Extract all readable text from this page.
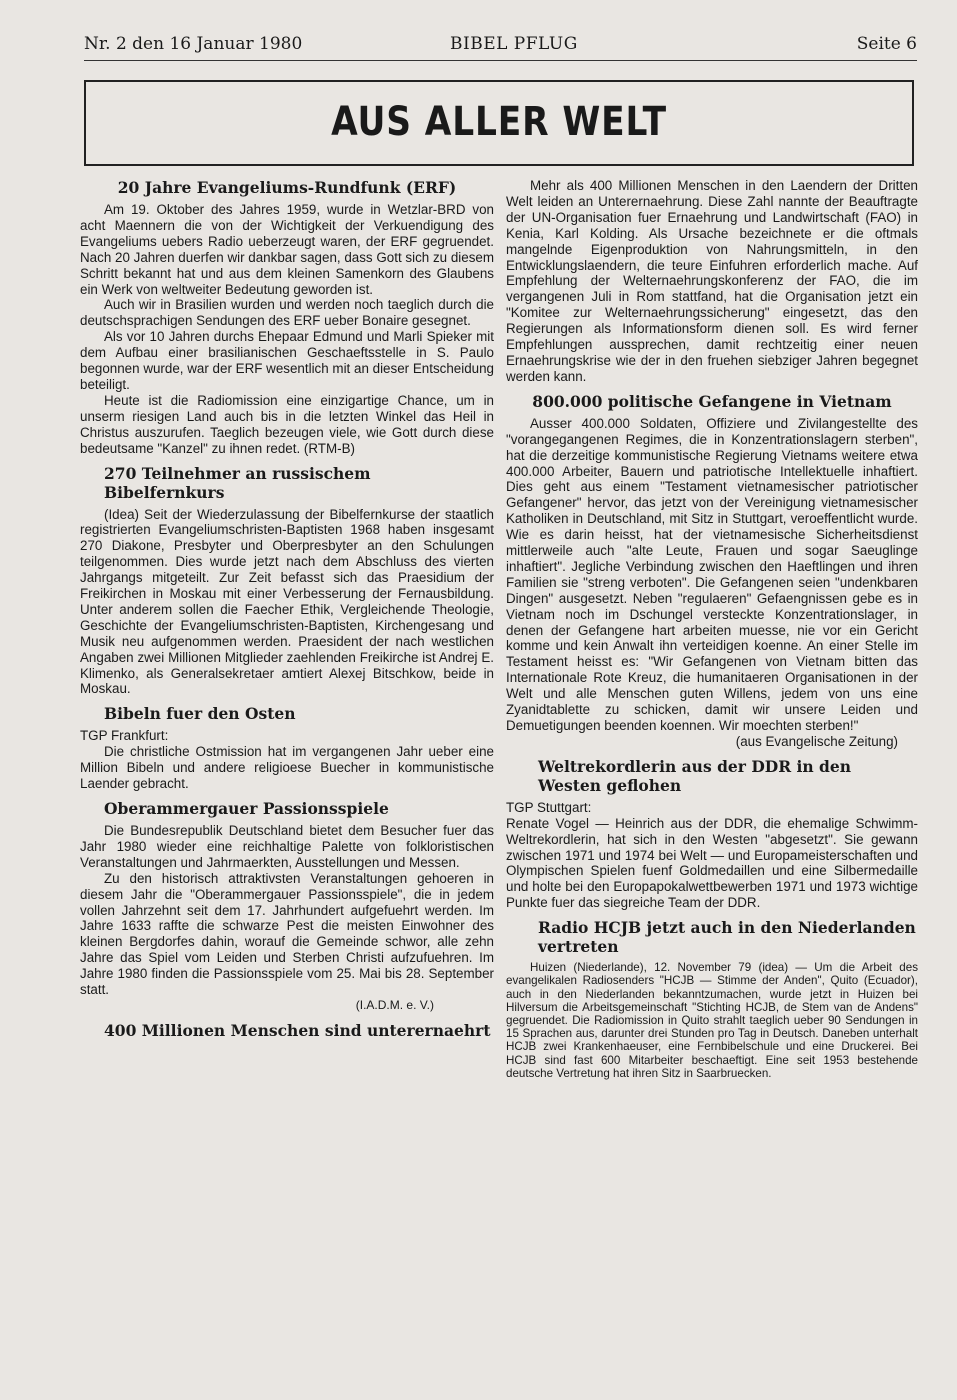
Nr. 2 den 16 Januar 1980	BIBEL PFLUG	Seite 6
AUS ALLER WELT
20 Jahre Evangeliums-Rundfunk (ERF)

Am 19. Oktober des Jahres 1959, wurde in Wetzlar-BRD von acht Maennern die von der Wichtigkeit der Verkuendigung des Evangeliums uebers Radio ueberzeugt waren, der ERF gegruendet. Nach 20 Jahren duerfen wir dankbar sagen, dass Gott sich zu diesem Schritt bekannt hat und aus dem kleinen Samenkorn des Glaubens ein Werk von weltweiter Bedeutung geworden ist.

Auch wir in Brasilien wurden und werden noch taeglich durch die deutschsprachigen Sendungen des ERF ueber Bonaire gesegnet.

Als vor 10 Jahren durchs Ehepaar Edmund und Marli Spieker mit dem Aufbau einer brasilianischen Geschaeftsstelle in S. Paulo begonnen wurde, war der ERF wesentlich mit an dieser Entscheidung beteiligt.

Heute ist die Radiomission eine einzigartige Chance, um in unserm riesigen Land auch bis in die letzten Winkel das Heil in Christus auszurufen. Taeglich bezeugen viele, wie Gott durch diese bedeutsame "Kanzel" zu ihnen redet. (RTM-B)

270 Teilnehmer an russischem Bibelfernkurs

(Idea) Seit der Wiederzulassung der Bibelfernkurse der staatlich registrierten Evangeliumschristen-Baptisten 1968 haben insgesamt 270 Diakone, Presbyter und Oberpresbyter an den Schulungen teilgenommen. Dies wurde jetzt nach dem Abschluss des vierten Jahrgangs mitgeteilt. Zur Zeit befasst sich das Praesidium der Freikirchen in Moskau mit einer Verbesserung der Fernausbildung. Unter anderem sollen die Faecher Ethik, Vergleichende Theologie, Geschichte der Evangeliumschristen-Baptisten, Kirchengesang und Musik neu aufgenommen werden. Praesident der nach westlichen Angaben zwei Millionen Mitglieder zaehlenden Freikirche ist Andrej E. Klimenko, als Generalsekretaer amtiert Alexej Bitschkow, beide in Moskau.

Bibeln fuer den Osten

TGP Frankfurt:

Die christliche Ostmission hat im vergangenen Jahr ueber eine Million Bibeln und andere religioese Buecher in kommunistische Laender gebracht.

Oberammergauer Passionsspiele

Die Bundesrepublik Deutschland bietet dem Besucher fuer das Jahr 1980 wieder eine reichhaltige Palette von folkloristischen Veranstaltungen und Jahrmaerkten, Ausstellungen und Messen.

Zu den historisch attraktivsten Veranstaltungen gehoeren in diesem Jahr die "Oberammergauer Passionsspiele", die in jedem vollen Jahrzehnt seit dem 17. Jahrhundert aufgefuehrt werden. Im Jahre 1633 raffte die schwarze Pest die meisten Einwohner des kleinen Bergdorfes dahin, worauf die Gemeinde schwor, alle zehn Jahre das Spiel vom Leiden und Sterben Christi aufzufuehren. Im Jahre 1980 finden die Passionsspiele vom 25. Mai bis 28. September statt.

(I.A.D.M. e. V.)
400 Millionen Menschen sind unterernaehrt

Mehr als 400 Millionen Menschen in den Laendern der Dritten Welt leiden an Unterernaehrung. Diese Zahl nannte der Beauftragte der UN-Organisation fuer Ernaehrung und Landwirtschaft (FAO) in Kenia, Karl Kolding. Als Ursache bezeichnete er die oftmals mangelnde Eigenproduktion von Nahrungsmitteln, in den Entwicklungslaendern, die teure Einfuhren erforderlich mache. Auf Empfehlung der Welternaehrungskonferenz der FAO, die im vergangenen Juli in Rom stattfand, hat die Organisation jetzt ein "Komitee zur Welternaehrungssicherung" eingesetzt, das den Regierungen als Informationsform dienen soll. Es wird ferner Empfehlungen aussprechen, damit rechtzeitig einer neuen Ernaehrungskrise wie der in den fruehen siebziger Jahren begegnet werden kann.

800.000 politische Gefangene in Vietnam

Ausser 400.000 Soldaten, Offiziere und Zivilangestellte des "vorangegangenen Regimes, die in Konzentrationslagern sterben", hat die derzeitige kommunistische Regierung Vietnams weitere etwa 400.000 Arbeiter, Bauern und patriotische Intellektuelle inhaftiert. Dies geht aus einem "Testament vietnamesischer patriotischer Gefangener" hervor, das jetzt von der Vereinigung vietnamesischer Katholiken in Deutschland, mit Sitz in Stuttgart, veroeffentlicht wurde. Wie es darin heisst, hat der vietnamesische Sicherheitsdienst mittlerweile auch "alte Leute, Frauen und sogar Saeuglinge inhaftiert". Jegliche Verbindung zwischen den Haeftlingen und ihren Familien sie "streng verboten". Die Gefangenen seien "undenkbaren Dingen" ausgesetzt. Neben "regulaeren" Gefaengnissen gebe es in Vietnam noch im Dschungel versteckte Konzentrationslager, in denen der Gefangene hart arbeiten muesse, nie vor ein Gericht komme und kein Anwalt ihn verteidigen koenne. An einer Stelle im Testament heisst es: "Wir Gefangenen von Vietnam bitten das Internationale Rote Kreuz, die humanitaeren Organisationen in der Welt und alle Menschen guten Willens, jedem von uns eine Zyanidtablette zu schicken, damit wir unsere Leiden und Demuetigungen beenden koennen. Wir moechten sterben!"

(aus Evangelische Zeitung)
Weltrekordlerin aus der DDR in den Westen geflohen

TGP Stuttgart:

Renate Vogel — Heinrich aus der DDR, die ehemalige Schwimm-Weltrekordlerin, hat sich in den Westen "abgesetzt". Sie gewann zwischen 1971 und 1974 bei Welt — und Europameisterschaften und Olympischen Spielen fuenf Goldmedaillen und eine Silbermedaille und holte bei den Europapokalwettbewerben 1971 und 1973 wichtige Punkte fuer das siegreiche Team der DDR.

Radio HCJB jetzt auch in den Niederlanden vertreten

Huizen (Niederlande), 12. November 79 (idea) — Um die Arbeit des evangelikalen Radiosenders "HCJB — Stimme der Anden", Quito (Ecuador), auch in den Niederlanden bekanntzumachen, wurde jetzt in Huizen bei Hilversum die Arbeitsgemeinschaft "Stichting HCJB, de Stem van de Andens" gegruendet. Die Radiomission in Quito strahlt taeglich ueber 90 Sendungen in 15 Sprachen aus, darunter drei Stunden pro Tag in Deutsch. Daneben unterhalt HCJB zwei Krankenhaeuser, eine Fernbibelschule und eine Druckerei. Bei HCJB sind fast 600 Mitarbeiter beschaeftigt. Eine seit 1953 bestehende deutsche Vertretung hat ihren Sitz in Saarbruecken.
